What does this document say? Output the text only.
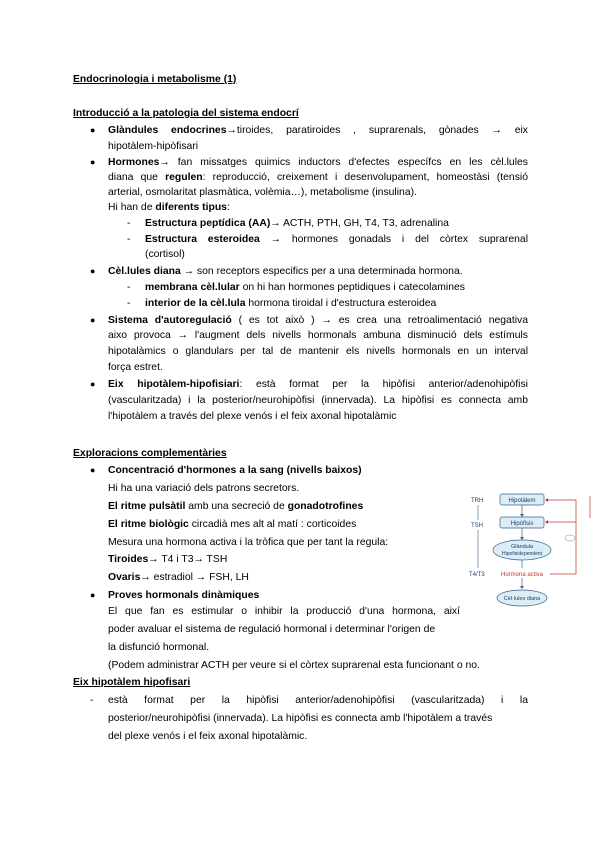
Endocrinologia i metabolisme (1)
Introducció a la patologia del sistema endocrí
● Glàndules endocrines→tiroides, paratiroides , suprarenals, gònades → eix
hipotàlem-hipòfisari
● Hormones→ fan missatges quimics inductors d'efectes específcs en les cèl.lules
diana que regulen: reproducció, creixement i desenvolupament, homeostàsi (tensió
arterial, osmolaritat plasmàtica, volèmia…), metabolisme (insulina).
Hi han de diferents tipus:
- Estructura peptídica (AA)→ ACTH, PTH, GH, T4, T3, adrenalina
- Estructura esteroidea → hormones gonadals i del còrtex suprarenal
(cortisol)
● Cèl.lules diana → son receptors especifics per a una determinada hormona.
- membrana cèl.lular on hi han hormones peptidiques i catecolamines
- interior de la cèl.lula hormona tiroidal i d'estructura esteroidea
● Sistema d'autoregulació ( es tot això ) → es crea una retroalimentació negativa
aixo provoca → l'augment dels nivells hormonals ambuna disminució dels estímuls
hipotalàmics o glandulars per tal de mantenir els nivells hormonals en un interval
força estret.
● Eix hipotàlem-hipofisiari: està format per la hipòfisi anterior/adenohipòfisi
(vascularitzada) i la posterior/neurohipòfisi (innervada). La hipòfisi es connecta amb
l'hipotàlem a través del plexe venós i el feix axonal hipotalàmic
Exploracions complementàries
● Concentració d'hormones a la sang (nivells baixos)
Hi ha una variació dels patrons secretors.
El ritme pulsàtil amb una secreció de gonadotrofines
El ritme biològic circadià mes alt al matí : corticoides
Mesura una hormona activa i la tròfica que per tant la regula:
Tiroides→ T4 i T3→ TSH
Ovaris→ estradiol → FSH, LH
● Proves hormonals dinàmiques
El que fan es estimular o inhibir la producció d'una hormona, així
poder avaluar el sistema de regulació hormonal i determinar l'origen de
la disfunció hormonal.
(Podem administrar ACTH per veure si el còrtex suprarenal esta funcionant o no.
Eix hipotàlem hipofisari
- està format per la hipòfisi anterior/adenohipòfisi (vascularitzada) i la
posterior/neurohipòfisi (innervada). La hipòfisi es connecta amb l'hipotàlem a través
del plexe venós i el feix axonal hipotalàmic.
TRH
TSH
T4/T3
Hipotàlem
Hipòfisis
Glàndula
Hipofisidependent
Hormona activa
Cèl·lules diana
